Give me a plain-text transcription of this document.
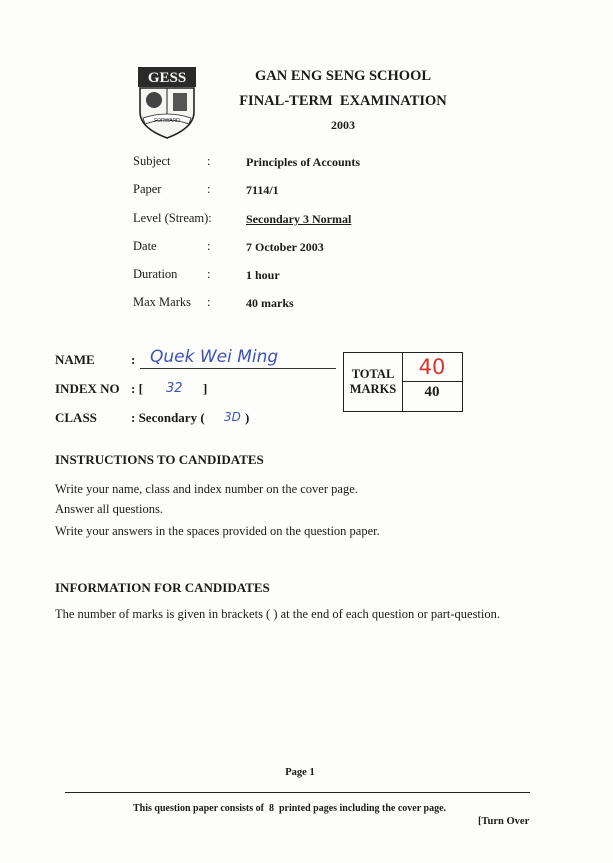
GESS
FORWARD
GAN ENG SENG SCHOOL
FINAL-TERM  EXAMINATION
2003
Subject	:	Principles of Accounts
Paper	:	7114/1
Level (Stream):	Secondary 3 Normal
Date	:	7 October 2003
Duration :	1 hour
Max Marks :	40 marks
NAME	: Quek Wei Ming
INDEX NO : [ 32 ]
CLASS	: Secondary ( 3D )
TOTAL
MARKS
40
40
INSTRUCTIONS TO CANDIDATES
Write your name, class and index number on the cover page.
Answer all questions.
Write your answers in the spaces provided on the question paper.
INFORMATION FOR CANDIDATES
The number of marks is given in brackets ( ) at the end of each question or part-question.
Page 1
This question paper consists of  8  printed pages including the cover page.
[Turn Over
